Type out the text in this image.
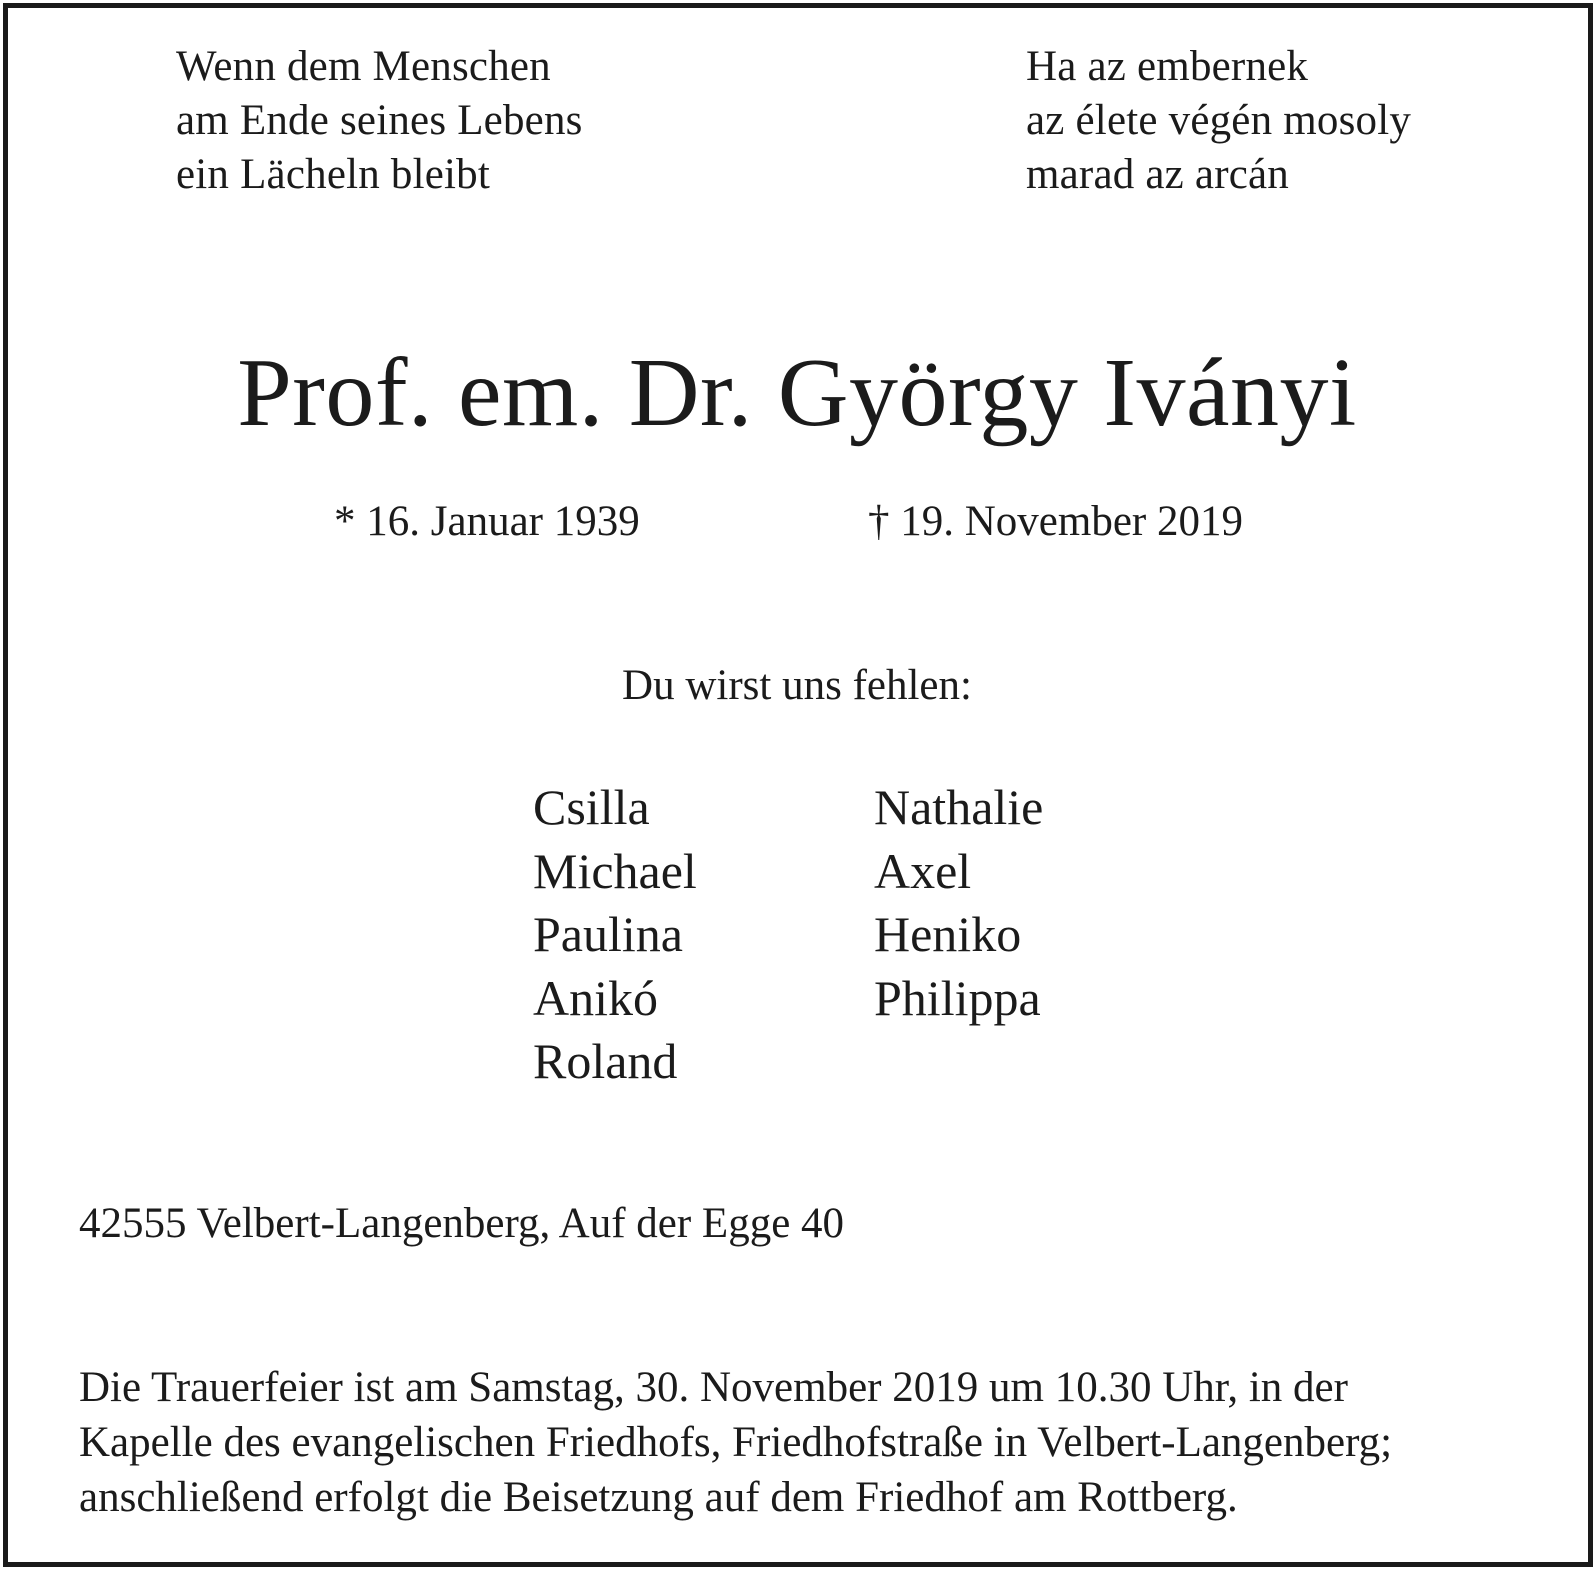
Wenn dem Menschen
am Ende seines Lebens
ein Lächeln bleibt
Ha az embernek
az élete végén mosoly
marad az arcán
Prof. em. Dr. György Iványi
* 16. Januar 1939	† 19. November 2019
Du wirst uns fehlen:
Csilla
Michael
Paulina
Anikó
Roland
Nathalie
Axel
Heniko
Philippa
42555 Velbert-Langenberg, Auf der Egge 40
Die Trauerfeier ist am Samstag, 30. November 2019 um 10.30 Uhr, in der
Kapelle des evangelischen Friedhofs, Friedhofstraße in Velbert-Langenberg;
anschließend erfolgt die Beisetzung auf dem Friedhof am Rottberg.
